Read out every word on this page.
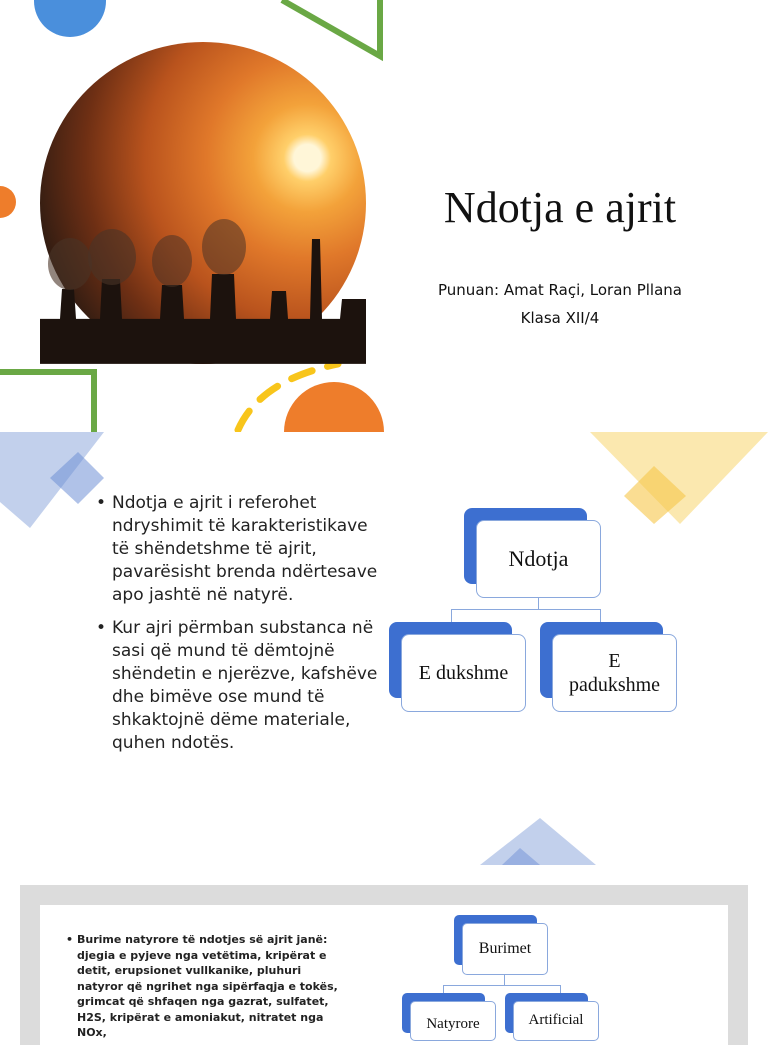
Ndotja e ajrit
Punuan: Amat Raçi, Loran Pllana
Klasa XII/4
• Ndotja e ajrit i referohet ndryshimit të karakteristikave të shëndetshme të ajrit, pavarësisht brenda ndërtesave apo jashtë në natyrë.
• Kur ajri përmban substanca në sasi që mund të dëmtojnë shëndetin e njerëzve, kafshëve dhe bimëve ose mund të shkaktojnë dëme materiale, quhen ndotës.
Ndotja
E dukshme
E padukshme
• Burime natyrore të ndotjes së ajrit janë: djegia e pyjeve nga vetëtima, kripërat e detit, erupsionet vullkanike, pluhuri natyror që ngrihet nga sipërfaqja e tokës, grimcat që shfaqen nga gazrat, sulfatet, H2S, kripërat e amoniakut, nitratet nga NOx,
Burimet
Natyrore	Artificial
